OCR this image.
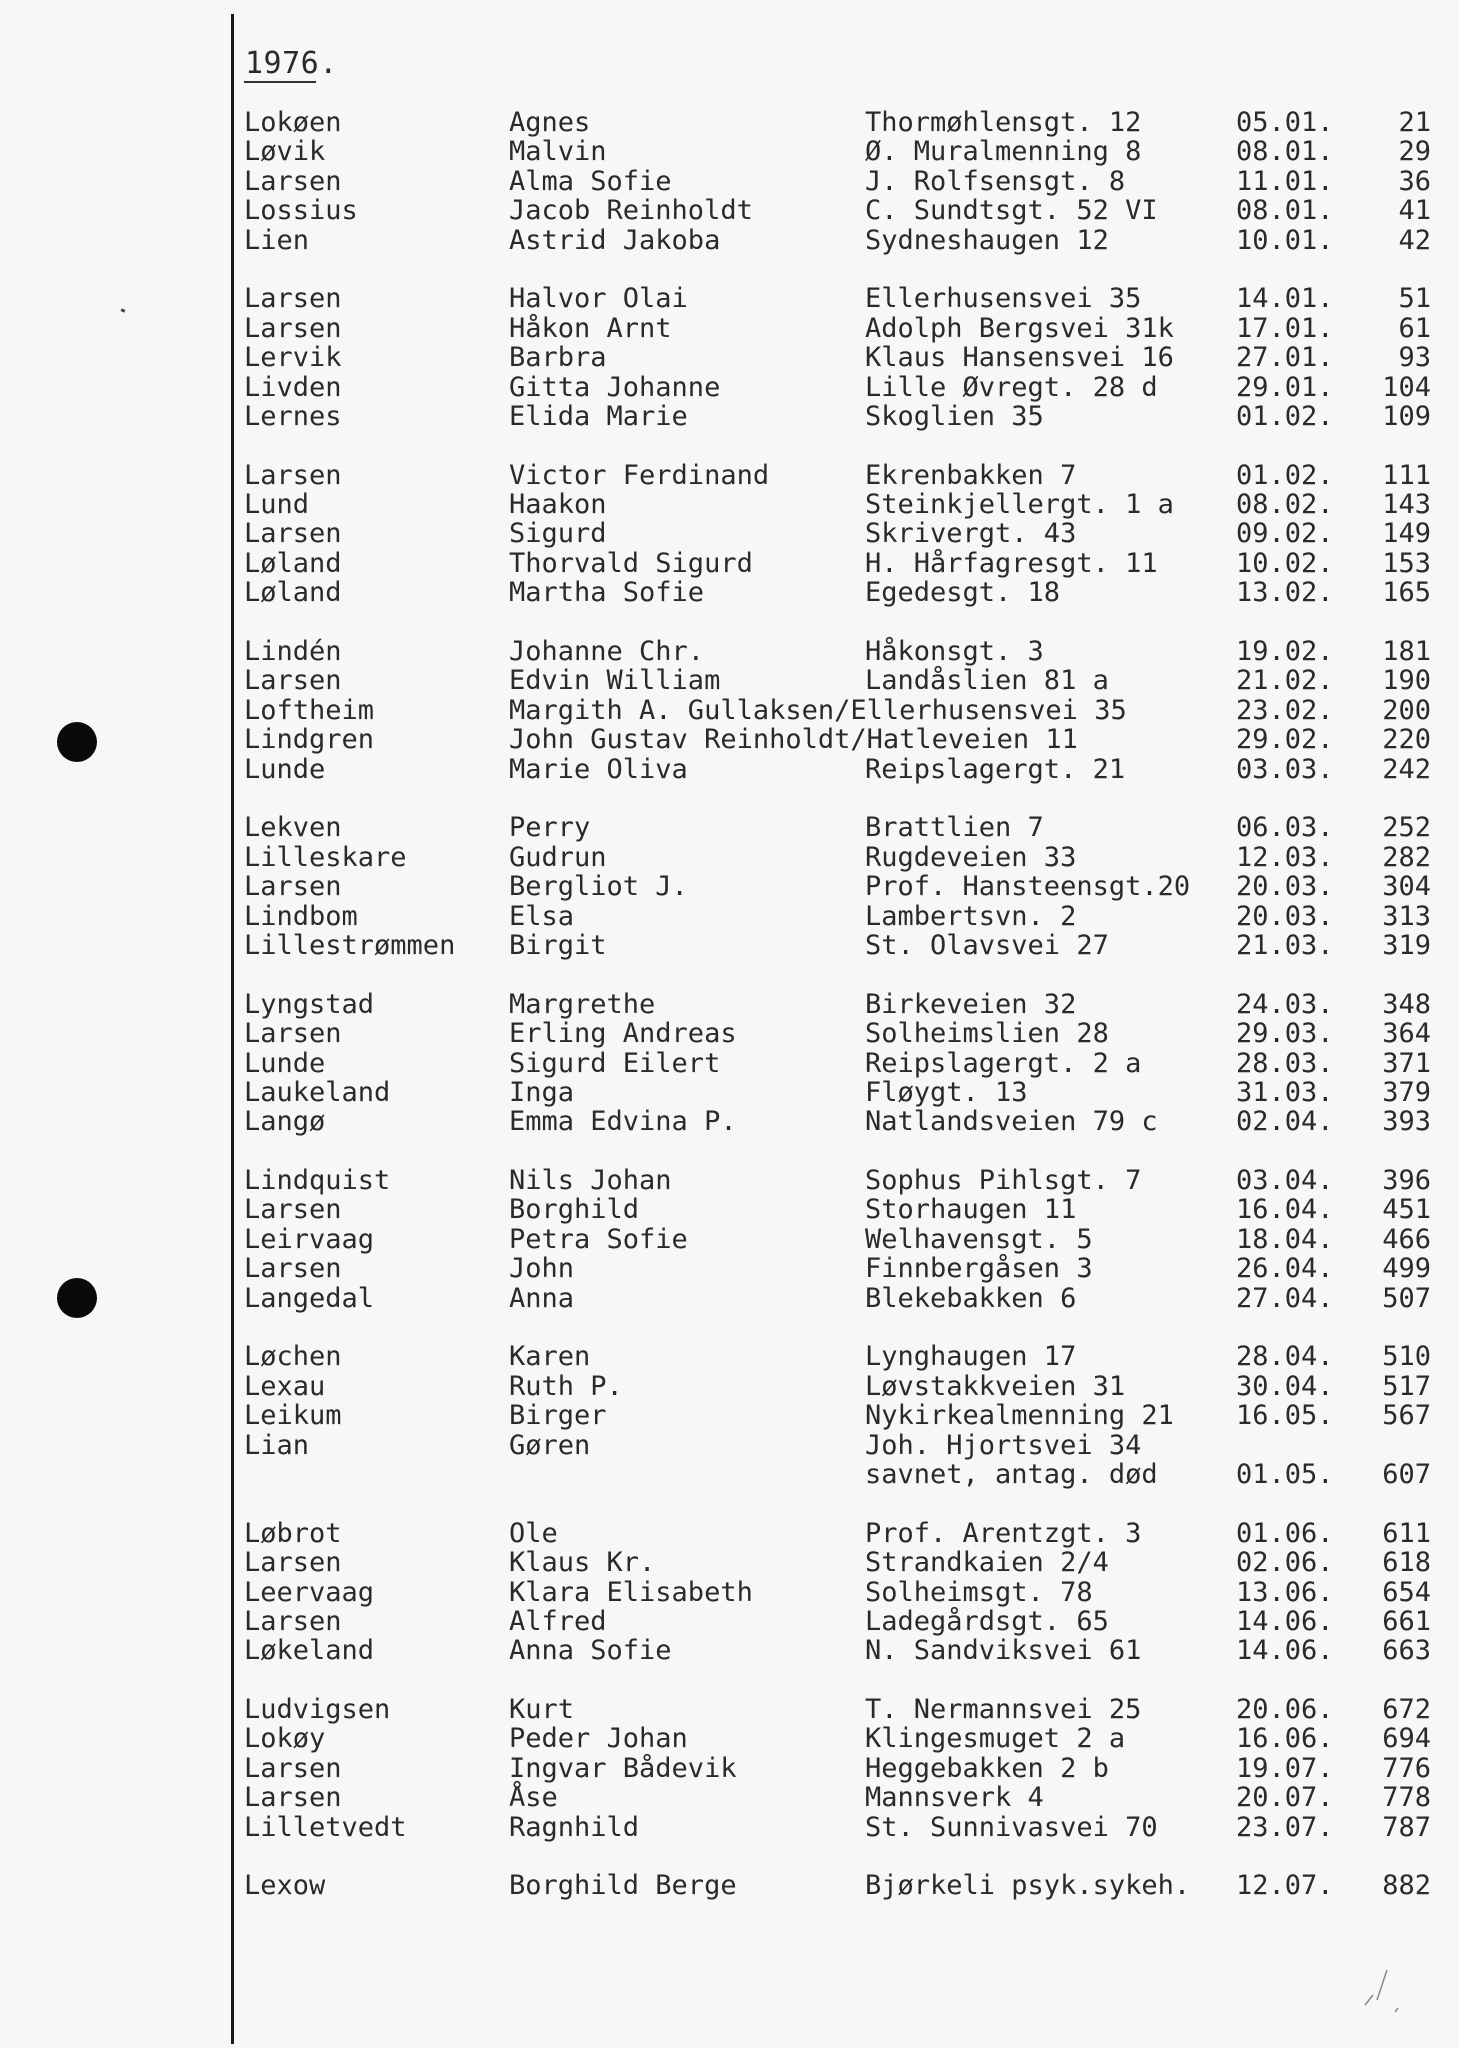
1976.
Lokøen	Agnes	Thormøhlensgt. 12	05.01. 21
Løvik	Malvin	Ø. Muralmenning 8	08.01. 29
Larsen	Alma Sofie	J. Rolfsensgt. 8	11.01. 36
Lossius	Jacob Reinholdt	C. Sundtsgt. 52 VI	08.01. 41
Lien	Astrid Jakoba	Sydneshaugen 12	10.01. 42
Larsen	Halvor Olai	Ellerhusensvei 35	14.01. 51
Larsen	Håkon Arnt	Adolph Bergsvei 31k 17.01. 61
Lervik	Barbra	Klaus Hansensvei 16 27.01. 93
Livden	Gitta Johanne	Lille Øvregt. 28 d	29.01. 104
Lernes	Elida Marie	Skoglien 35	01.02. 109
Larsen	Victor Ferdinand	Ekrenbakken 7	01.02. 111
Lund	Haakon	Steinkjellergt. 1 a 08.02. 143
Larsen	Sigurd	Skrivergt. 43	09.02. 149
Løland	Thorvald Sigurd	H. Hårfagresgt. 11	10.02. 153
Løland	Martha Sofie	Egedesgt. 18	13.02. 165
Lindén	Johanne Chr.	Håkonsgt. 3	19.02. 181
Larsen	Edvin William	Landåslien 81 a	21.02. 190
Loftheim	Margith A. Gullaksen/Ellerhusensvei 35	23.02. 200
Lindgren	John Gustav Reinholdt/Hatleveien 11	29.02. 220
Lunde	Marie Oliva	Reipslagergt. 21	03.03. 242
Lekven	Perry	Brattlien 7	06.03. 252
Lilleskare	Gudrun	Rugdeveien 33	12.03. 282
Larsen	Bergliot J.	Prof. Hansteensgt.20 20.03. 304
Lindbom	Elsa	Lambertsvn. 2	20.03. 313
Lillestrømmen Birgit	St. Olavsvei 27	21.03. 319
Lyngstad	Margrethe	Birkeveien 32	24.03. 348
Larsen	Erling Andreas	Solheimslien 28	29.03. 364
Lunde	Sigurd Eilert	Reipslagergt. 2 a	28.03. 371
Laukeland	Inga	Fløygt. 13	31.03. 379
Langø	Emma Edvina P.	Natlandsveien 79 c	02.04. 393
Lindquist	Nils Johan	Sophus Pihlsgt. 7	03.04. 396
Larsen	Borghild	Storhaugen 11	16.04. 451
Leirvaag	Petra Sofie	Welhavensgt. 5	18.04. 466
Larsen	John	Finnbergåsen 3	26.04. 499
Langedal	Anna	Blekebakken 6	27.04. 507
Løchen	Karen	Lynghaugen 17	28.04. 510
Lexau	Ruth P.	Løvstakkveien 31	30.04. 517
Leikum	Birger	Nykirkealmenning 21 16.05. 567
Lian	Gøren	Joh. Hjortsvei 34
savnet, antag. død	01.05. 607
Løbrot	Ole	Prof. Arentzgt. 3	01.06. 611
Larsen	Klaus Kr.	Strandkaien 2/4	02.06. 618
Leervaag	Klara Elisabeth	Solheimsgt. 78	13.06. 654
Larsen	Alfred	Ladegårdsgt. 65	14.06. 661
Løkeland	Anna Sofie	N. Sandviksvei 61	14.06. 663
Ludvigsen	Kurt	T. Nermannsvei 25	20.06. 672
Lokøy	Peder Johan	Klingesmuget 2 a	16.06. 694
Larsen	Ingvar Bådevik	Heggebakken 2 b	19.07. 776
Larsen	Åse	Mannsverk 4	20.07. 778
Lilletvedt	Ragnhild	St. Sunnivasvei 70	23.07. 787
Lexow	Borghild Berge	Bjørkeli psyk.sykeh. 12.07. 882
